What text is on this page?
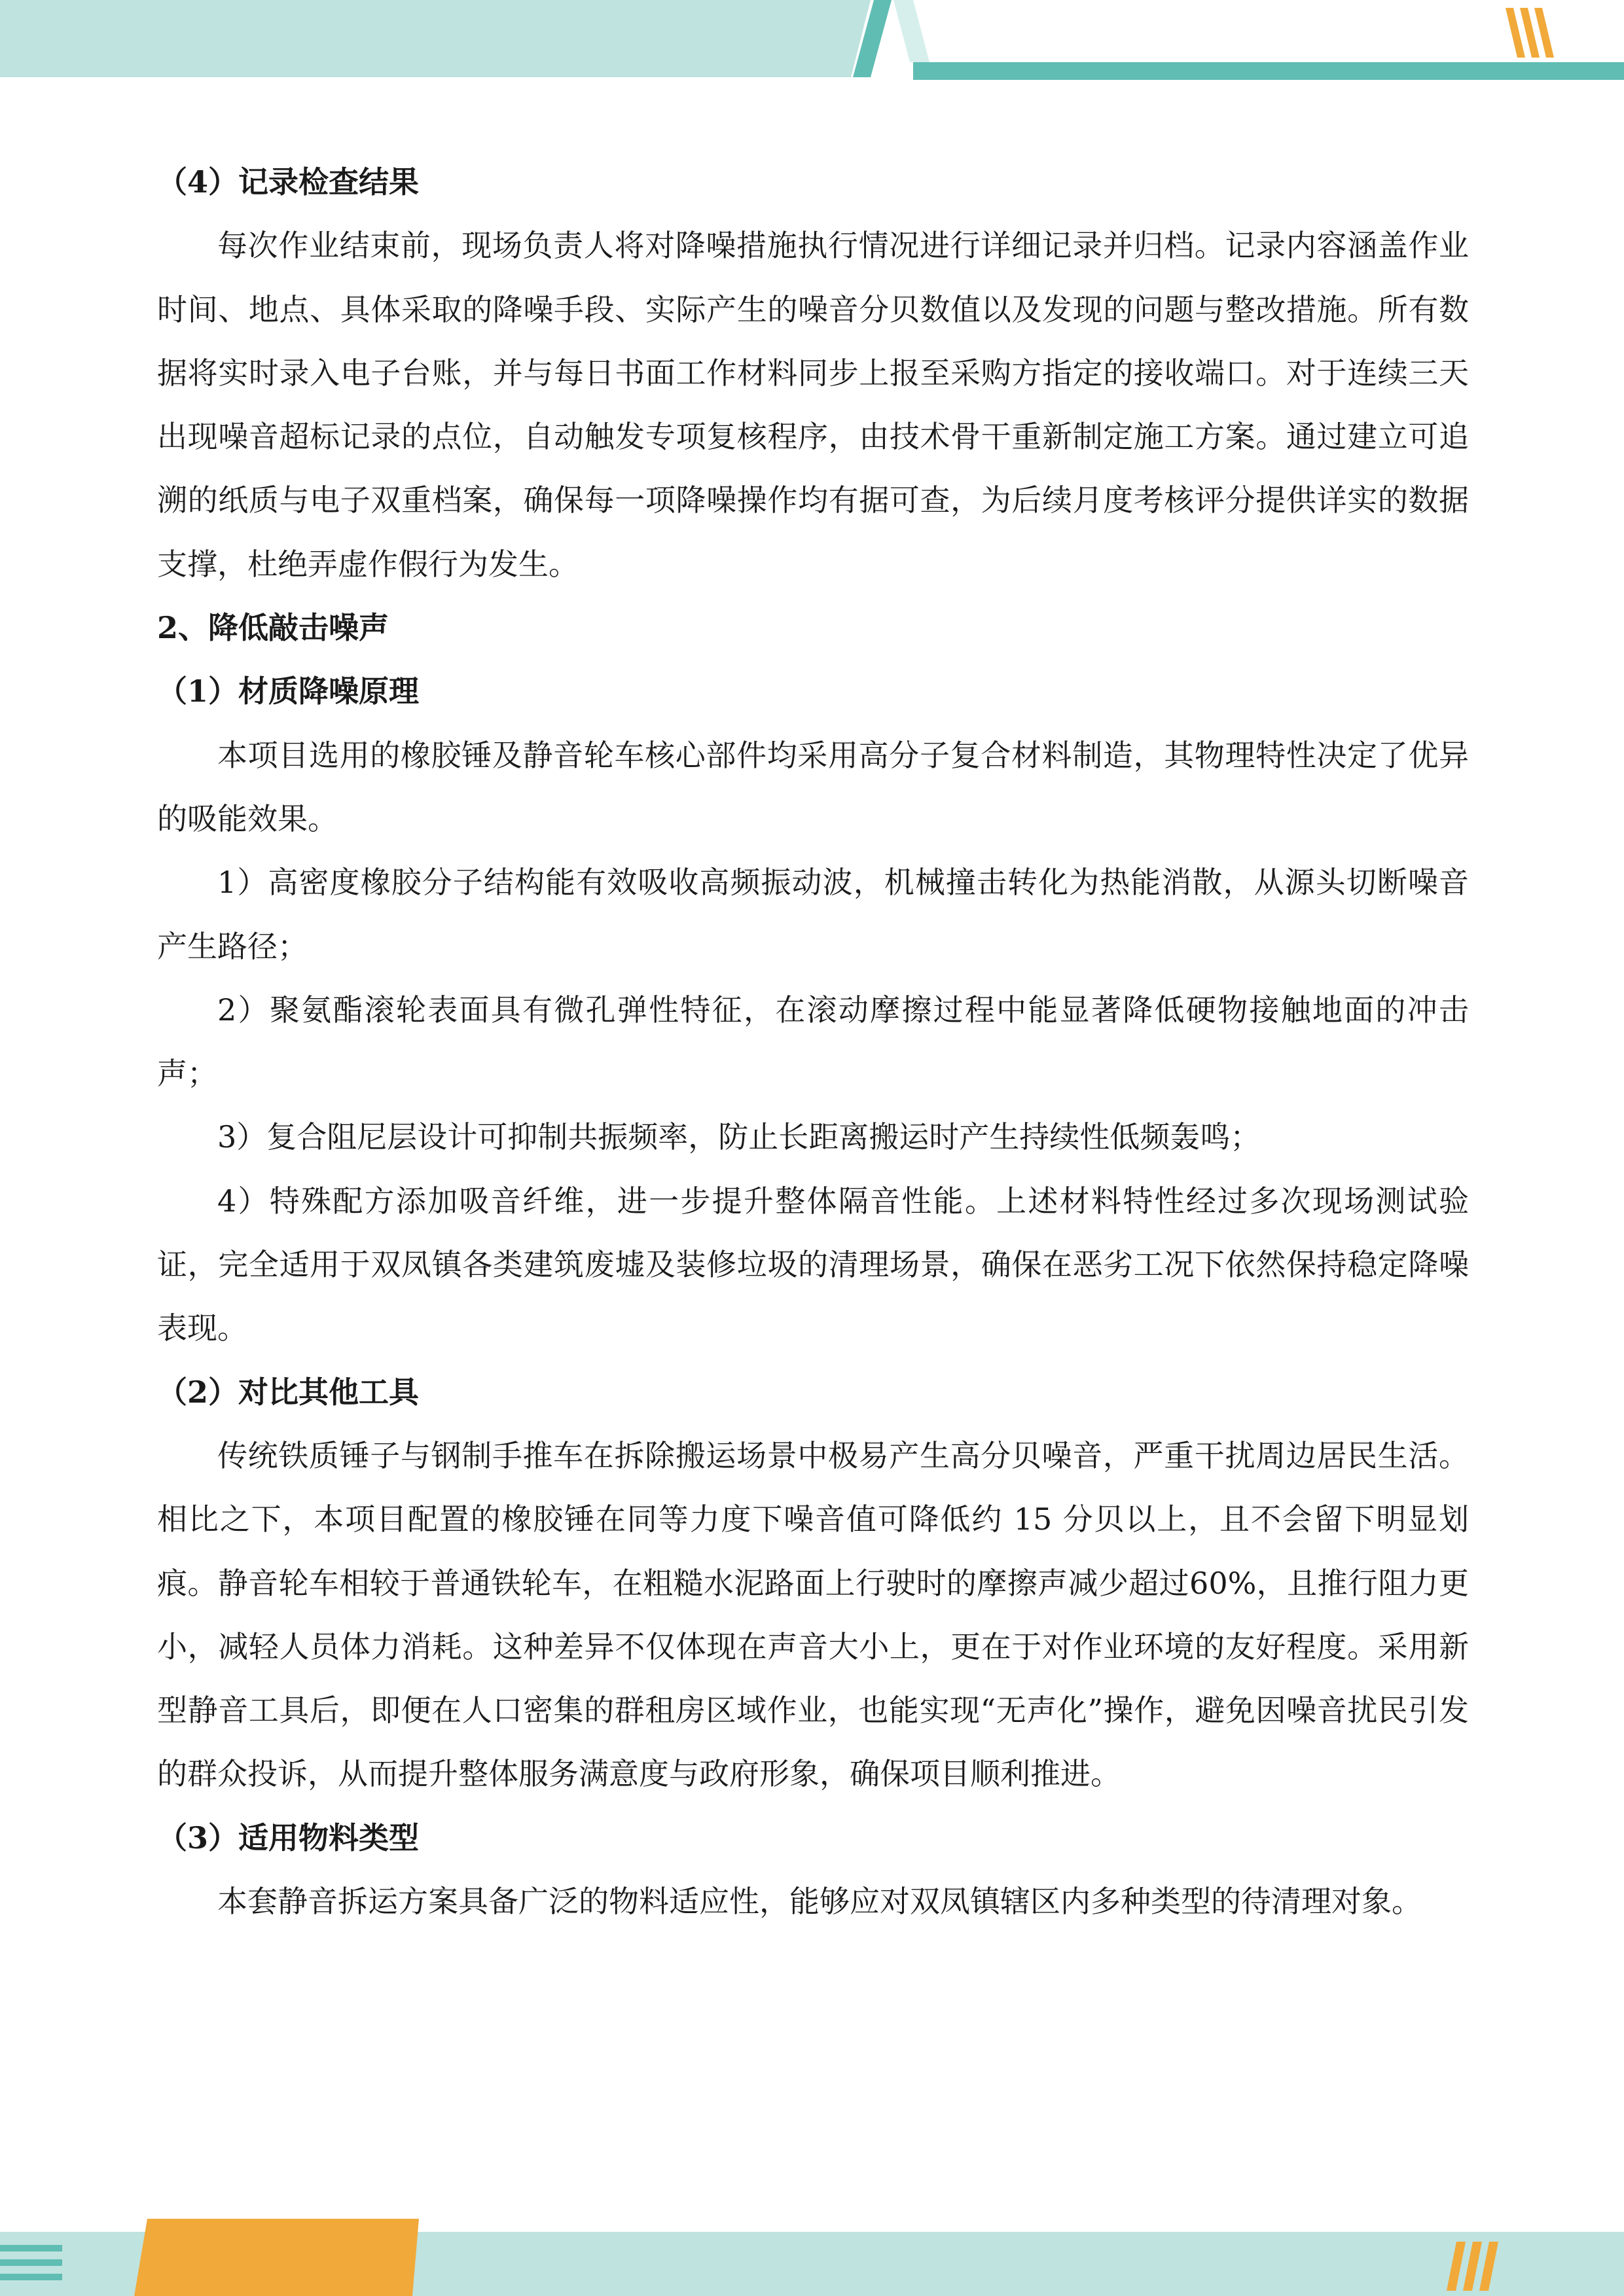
（4）记录检查结果

每次作业结束前，现场负责人将对降噪措施执行情况进行详细记录并归档。记录内容涵盖作业时间、地点、具体采取的降噪手段、实际产生的噪音分贝数值以及发现的问题与整改措施。所有数据将实时录入电子台账，并与每日书面工作材料同步上报至采购方指定的接收端口。对于连续三天出现噪音超标记录的点位，自动触发专项复核程序，由技术骨干重新制定施工方案。通过建立可追溯的纸质与电子双重档案，确保每一项降噪操作均有据可查，为后续月度考核评分提供详实的数据支撑，杜绝弄虚作假行为发生。

2、降低敲击噪声
（1）材质降噪原理

本项目选用的橡胶锤及静音轮车核心部件均采用高分子复合材料制造，其物理特性决定了优异的吸能效果。

1）高密度橡胶分子结构能有效吸收高频振动波，机械撞击转化为热能消散，从源头切断噪音产生路径；

2）聚氨酯滚轮表面具有微孔弹性特征，在滚动摩擦过程中能显著降低硬物接触地面的冲击声；

3）复合阻尼层设计可抑制共振频率，防止长距离搬运时产生持续性低频轰鸣；

4）特殊配方添加吸音纤维，进一步提升整体隔音性能。上述材料特性经过多次现场测试验证，完全适用于双凤镇各类建筑废墟及装修垃圾的清理场景，确保在恶劣工况下依然保持稳定降噪表现。

（2）对比其他工具

传统铁质锤子与钢制手推车在拆除搬运场景中极易产生高分贝噪音，严重干扰周边居民生活。相比之下，本项目配置的橡胶锤在同等力度下噪音值可降低约 15 分贝以上，且不会留下明显划痕。静音轮车相较于普通铁轮车，在粗糙水泥路面上行驶时的摩擦声减少超过60%，且推行阻力更小，减轻人员体力消耗。这种差异不仅体现在声音大小上，更在于对作业环境的友好程度。采用新型静音工具后，即便在人口密集的群租房区域作业，也能实现“无声化”操作，避免因噪音扰民引发的群众投诉，从而提升整体服务满意度与政府形象，确保项目顺利推进。

（3）适用物料类型

本套静音拆运方案具备广泛的物料适应性，能够应对双凤镇辖区内多种类型的待清理对象。
